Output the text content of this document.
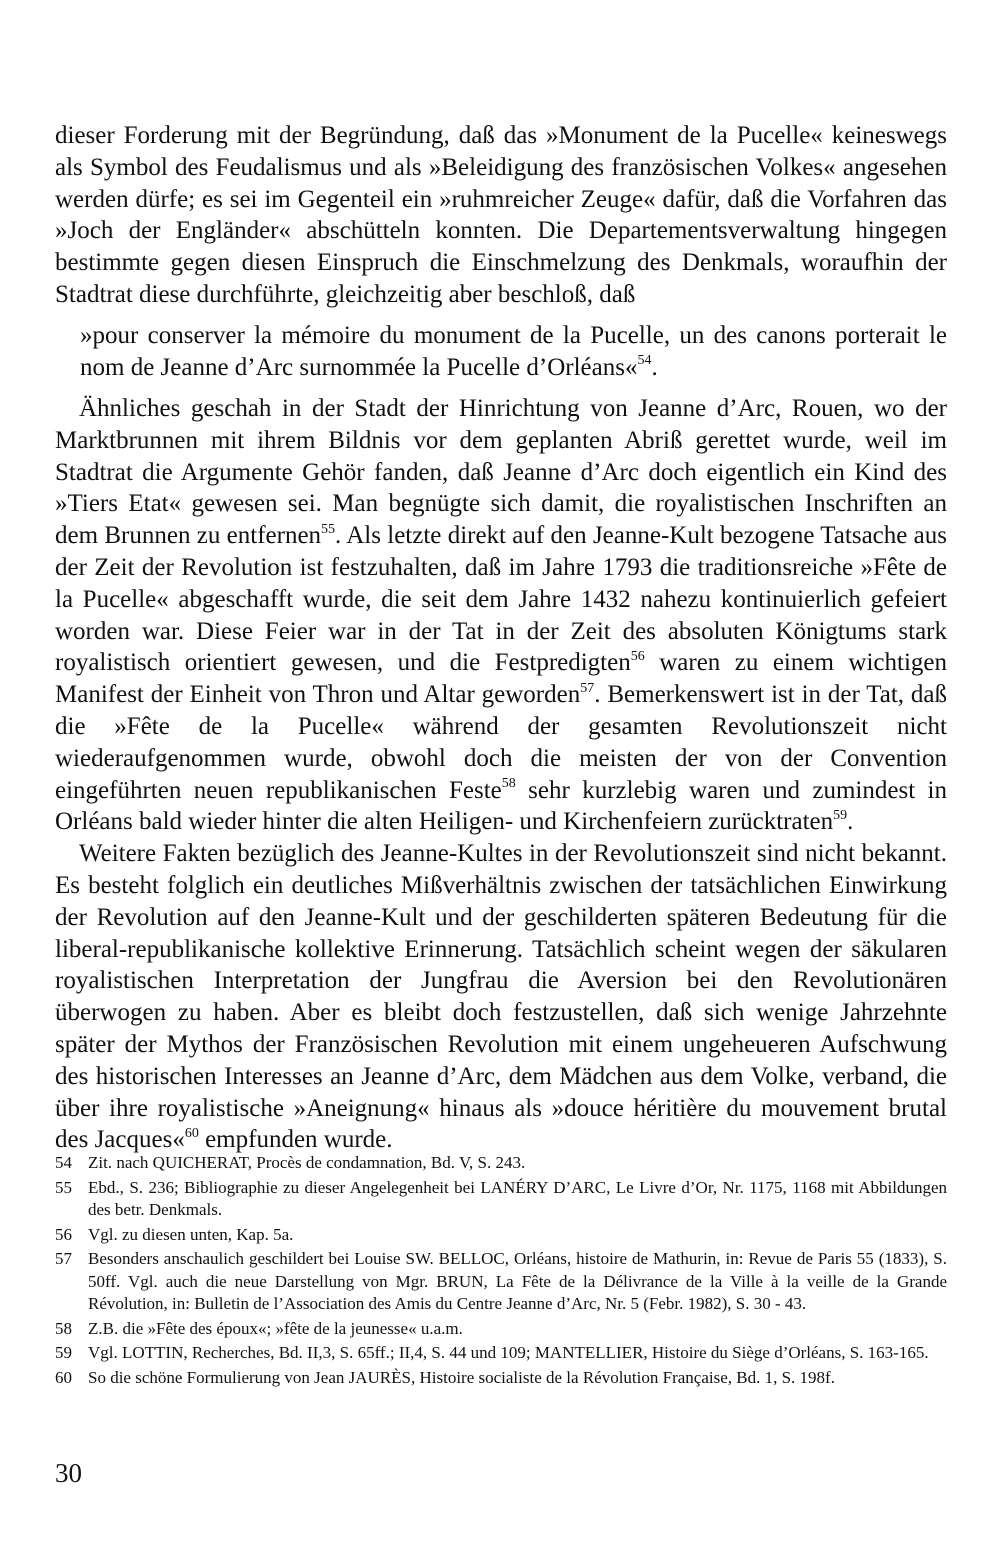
dieser Forderung mit der Begründung, daß das »Monument de la Pucelle« keineswegs als Symbol des Feudalismus und als »Beleidigung des französischen Volkes« angesehen werden dürfe; es sei im Gegenteil ein »ruhmreicher Zeuge« dafür, daß die Vorfahren das »Joch der Engländer« abschütteln konnten. Die Departementsverwaltung hingegen bestimmte gegen diesen Einspruch die Einschmelzung des Denkmals, woraufhin der Stadtrat diese durchführte, gleichzeitig aber beschloß, daß

»pour conserver la mémoire du monument de la Pucelle, un des canons porterait le nom de Jeanne d’Arc surnommée la Pucelle d’Orléans«$^{54}$.

Ähnliches geschah in der Stadt der Hinrichtung von Jeanne d’Arc, Rouen, wo der Marktbrunnen mit ihrem Bildnis vor dem geplanten Abriß gerettet wurde, weil im Stadtrat die Argumente Gehör fanden, daß Jeanne d’Arc doch eigentlich ein Kind des »Tiers Etat« gewesen sei. Man begnügte sich damit, die royalistischen Inschriften an dem Brunnen zu entfernen$^{55}$. Als letzte direkt auf den Jeanne-Kult bezogene Tatsache aus der Zeit der Revolution ist festzuhalten, daß im Jahre 1793 die traditionsreiche »Fête de la Pucelle« abgeschafft wurde, die seit dem Jahre 1432 nahezu kontinuierlich gefeiert worden war. Diese Feier war in der Tat in der Zeit des absoluten Königtums stark royalistisch orientiert gewesen, und die Festpredigten$^{56}$ waren zu einem wichtigen Manifest der Einheit von Thron und Altar geworden$^{57}$. Bemerkenswert ist in der Tat, daß die »Fête de la Pucelle« während der gesamten Revolutionszeit nicht wiederaufgenommen wurde, obwohl doch die meisten der von der Convention eingeführten neuen republikanischen Feste$^{58}$ sehr kurzlebig waren und zumindest in Orléans bald wieder hinter die alten Heiligen- und Kirchenfeiern zurücktraten$^{59}$.

Weitere Fakten bezüglich des Jeanne-Kultes in der Revolutionszeit sind nicht bekannt. Es besteht folglich ein deutliches Mißverhältnis zwischen der tatsächlichen Einwirkung der Revolution auf den Jeanne-Kult und der geschilderten späteren Bedeutung für die liberal-republikanische kollektive Erinnerung. Tatsächlich scheint wegen der säkularen royalistischen Interpretation der Jungfrau die Aversion bei den Revolutionären überwogen zu haben. Aber es bleibt doch festzustellen, daß sich wenige Jahrzehnte später der Mythos der Französischen Revolution mit einem ungeheueren Aufschwung des historischen Interesses an Jeanne d’Arc, dem Mädchen aus dem Volke, verband, die über ihre royalistische »Aneignung« hinaus als »douce héritière du mouvement brutal des Jacques«$^{60}$ empfunden wurde.

54 Zit. nach QUICHERAT, Procès de condamnation, Bd. V, S. 243.
55 Ebd., S. 236; Bibliographie zu dieser Angelegenheit bei LANÉRY D’ARC, Le Livre d’Or, Nr. 1175, 1168 mit Abbildungen des betr. Denkmals.
56 Vgl. zu diesen unten, Kap. 5a.
57 Besonders anschaulich geschildert bei Louise SW. BELLOC, Orléans, histoire de Mathurin, in: Revue de Paris 55 (1833), S. 50ff. Vgl. auch die neue Darstellung von Mgr. BRUN, La Fête de la Délivrance de la Ville à la veille de la Grande Révolution, in: Bulletin de l’Association des Amis du Centre Jeanne d’Arc, Nr. 5 (Febr. 1982), S. 30 - 43.
58 Z.B. die »Fête des époux«; »fête de la jeunesse« u.a.m.
59 Vgl. LOTTIN, Recherches, Bd. II,3, S. 65ff.; II,4, S. 44 und 109; MANTELLIER, Histoire du Siège d’Orléans, S. 163-165.
60 So die schöne Formulierung von Jean JAURÈS, Histoire socialiste de la Révolution Française, Bd. 1, S. 198f.
30
